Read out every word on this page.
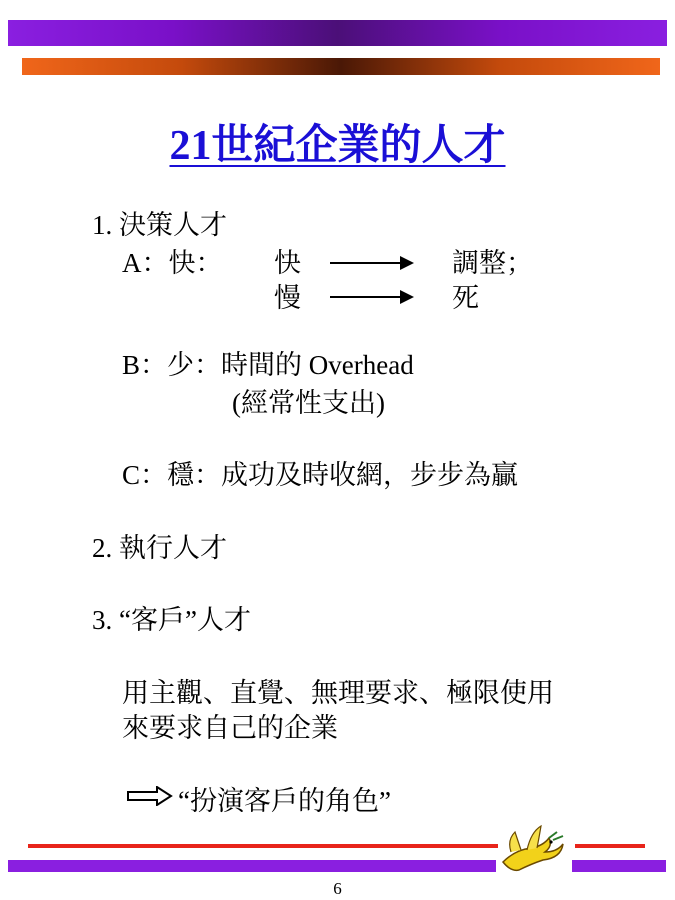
21世紀企業的人才
1. 決策人才
A：快： 快	調整；
慢	死
B：少：時間的 Overhead
(經常性支出)
C：穩：成功及時收網，步步為贏
2. 執行人才
3. “客戶”人才
用主觀、直覺、無理要求、極限使用
來要求自己的企業
“扮演客戶的角色”
6
